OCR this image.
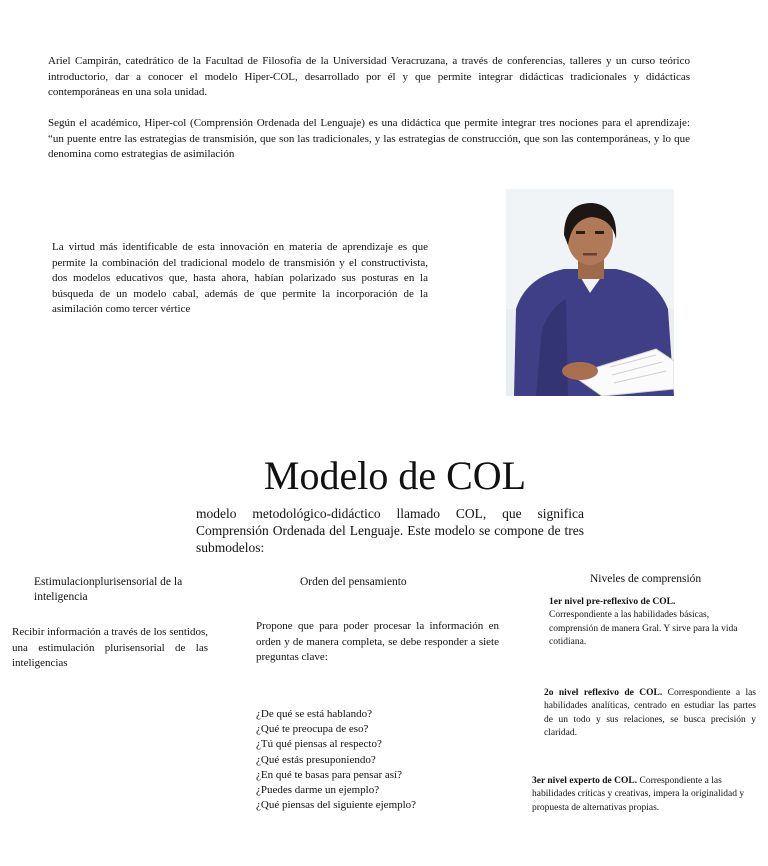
Ariel Campirán, catedrático de la Facultad de Filosofía de la Universidad Veracruzana, a través de conferencias, talleres y un curso teórico introductorio, dar a conocer el modelo Hiper-COL, desarrollado por él y que permite integrar didácticas tradicionales y didácticas contemporáneas en una sola unidad.
Según el académico, Hiper-col (Comprensión Ordenada del Lenguaje) es una didáctica que permite integrar tres nociones para el aprendizaje: “un puente entre las estrategias de transmisión, que son las tradicionales, y las estrategias de construcción, que son las contemporáneas, y lo que denomina como estrategias de asimilación
La virtud más identificable de esta innovación en materia de aprendizaje es que permite la combinación del tradicional modelo de transmisión y el constructivista, dos modelos educativos que, hasta ahora, habían polarizado sus posturas en la búsqueda de un modelo cabal, además de que permite la incorporación de la asimilación como tercer vértice
Modelo de COL
modelo metodológico-didáctico llamado COL, que significa Comprensión Ordenada del Lenguaje. Este modelo se compone de tres submodelos:
Estimulacionplurisensorial de la inteligencia
Orden del pensamiento	Niveles de comprensión
Recibir información a través de los sentidos, una estimulación plurisensorial de las inteligencias
Propone que para poder procesar la información en orden y de manera completa, se debe responder a siete preguntas clave:
¿De qué se está hablando?
¿Qué te preocupa de eso?
¿Tú qué piensas al respecto?
¿Qué estás presuponiendo?
¿En qué te basas para pensar así?
¿Puedes darme un ejemplo?
¿Qué piensas del siguiente ejemplo?
1er nivel pre-reflexivo de COL.
Correspondiente a las habilidades básicas, comprensión de manera Gral. Y sirve para la vida cotidiana.
2o nivel reflexivo de COL. Correspondiente a las habilidades analíticas, centrado en estudiar las partes de un todo y sus relaciones, se busca precisión y claridad.
3er nivel experto de COL. Correspondiente a las habilidades críticas y creativas, impera la originalidad y propuesta de alternativas propias.
